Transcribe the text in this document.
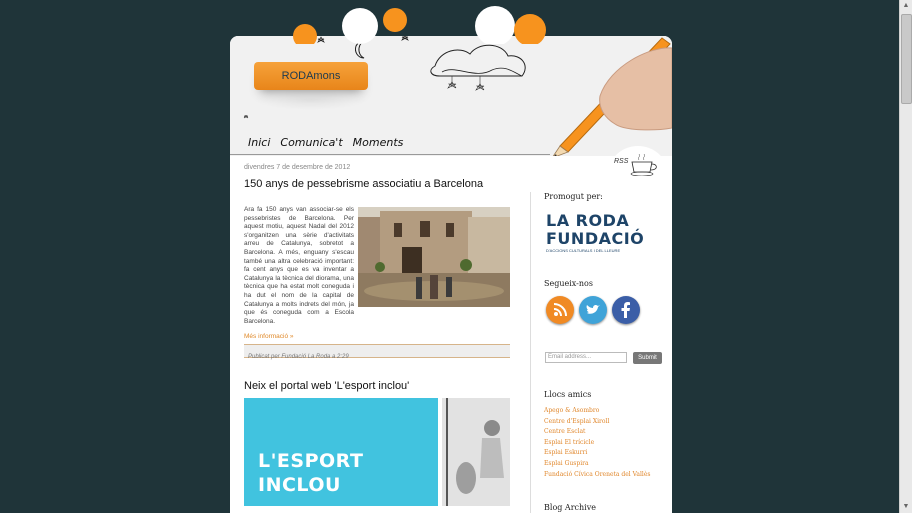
RODAmons
Inici Comunica't Moments
RSS
divendres 7 de desembre de 2012
150 anys de pessebrisme associatiu a Barcelona
Ara fa 150 anys van associar-se els pessebristes de Barcelona. Per aquest motiu, aquest Nadal del 2012 s'organitzen una sèrie d'activitats arreu de Catalunya, sobretot a Barcelona. A més, enguany s'escau també una altra celebració important: fa cent anys que es va inventar a Catalunya la tècnica del diorama, una tècnica que ha estat molt coneguda i ha dut el nom de la capital de Catalunya a molts indrets del món, ja que és coneguda com a Escola Barcelona.
Més informació »
Publicat per Fundació La Roda a 2:29
Neix el portal web 'L'esport inclou'
L'ESPORT
INCLOU
Promogut per:
LA RODA
FUNDACIÓ
D'ACCIONS CULTURALS I DEL LLEURE
Segueix-nos
Email address...	Submit
Llocs amics
Apego & Asombro
Centre d'Esplai Xiroll
Centre Esclat
Esplai El trícicle
Esplai Eskurri
Esplai Guspira
Fundació Cívica Oreneta del Vallès
Blog Archive
▲
▼
